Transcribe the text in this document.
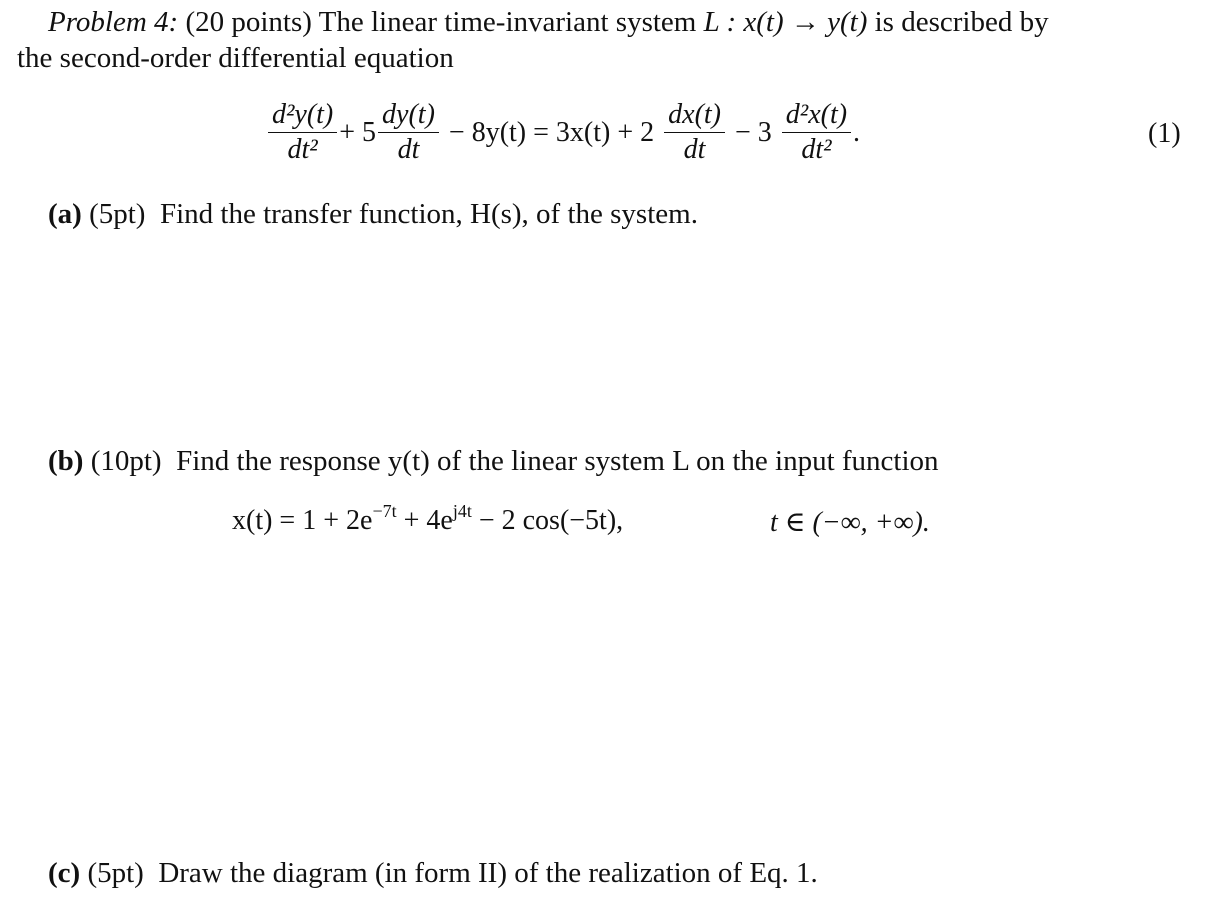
Problem 4: (20 points) The linear time-invariant system L : x(t) → y(t) is described by
the second-order differential equation
$\frac{\text{d²y(t)}}{\text{dt²}} + 5 \frac{dy(t)}{dt} - 8y(t) = 3x(t) + 2 \frac{dx(t)}{dt} - 3 \frac{\text{d²x(t)}}{\text{dt²}}$ .	(1)
(a) (5pt) Find the transfer function, H(s), of the system.
(b) (10pt) Find the response y(t) of the linear system L on the input function
$x(t) = 1 + 2e^{-7t} + 4e^{j4t} - 2$ cos(−5t),	t ∈ (−∞, +∞).
(c) (5pt) Draw the diagram (in form II) of the realization of Eq. 1.
